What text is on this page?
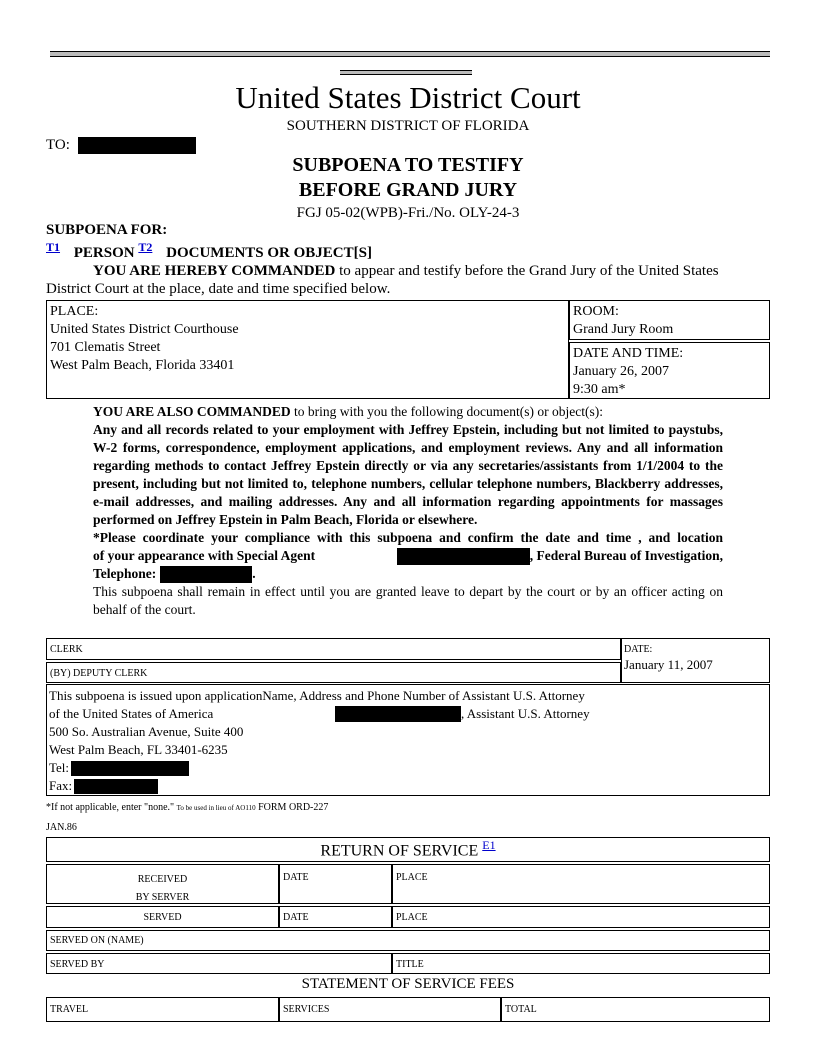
United States District Court
SOUTHERN DISTRICT OF FLORIDA
TO:
SUBPOENA TO TESTIFY
BEFORE GRAND JURY
FGJ 05-02(WPB)-Fri./No. OLY-24-3
SUBPOENA FOR:
$^{T1}$ PERSON $^{T2}$ DOCUMENTS OR OBJECT[S]
YOU ARE HEREBY COMMANDED to appear and testify before the Grand Jury of the United States
District Court at the place, date and time specified below.
PLACE:
United States District Courthouse
701 Clematis Street
West Palm Beach, Florida 33401
ROOM:
Grand Jury Room
DATE AND TIME:
January 26, 2007
9:30 am*
YOU ARE ALSO COMMANDED to bring with you the following document(s) or object(s):
Any and all records related to your employment with Jeffrey Epstein, including but not limited to paystubs, W-2 forms, correspondence, employment applications, and employment reviews. Any and all information regarding methods to contact Jeffrey Epstein directly or via any secretaries/assistants from 1/1/2004 to the present, including but not limited to, telephone numbers, cellular telephone numbers, Blackberry addresses, e-mail addresses, and mailing addresses. Any and all information regarding appointments for massages performed on Jeffrey Epstein in Palm Beach, Florida or elsewhere.
*Please coordinate your compliance with this subpoena and confirm the date and time , and location
of your appearance with Special Agent	, Federal Bureau of Investigation,
Telephone:	.
This subpoena shall remain in effect until you are granted leave to depart by the court or by an officer acting on behalf of the court.
CLERK
(BY) DEPUTY CLERK
DATE:
January 11, 2007
This subpoena is issued upon applicationName, Address and Phone Number of Assistant U.S. Attorney
of the United States of America	, Assistant U.S. Attorney
500 So. Australian Avenue, Suite 400
West Palm Beach, FL 33401-6235
Tel:
Fax:
*If not applicable, enter "none." To be used in lieu of AO110 FORM ORD-227
JAN.86
RETURN OF SERVICE $^{E1}$
RECEIVED
BY SERVER
DATE	PLACE
SERVED	DATE	PLACE
SERVED ON (NAME)
SERVED BY	TITLE
STATEMENT OF SERVICE FEES
TRAVEL	SERVICES	TOTAL
